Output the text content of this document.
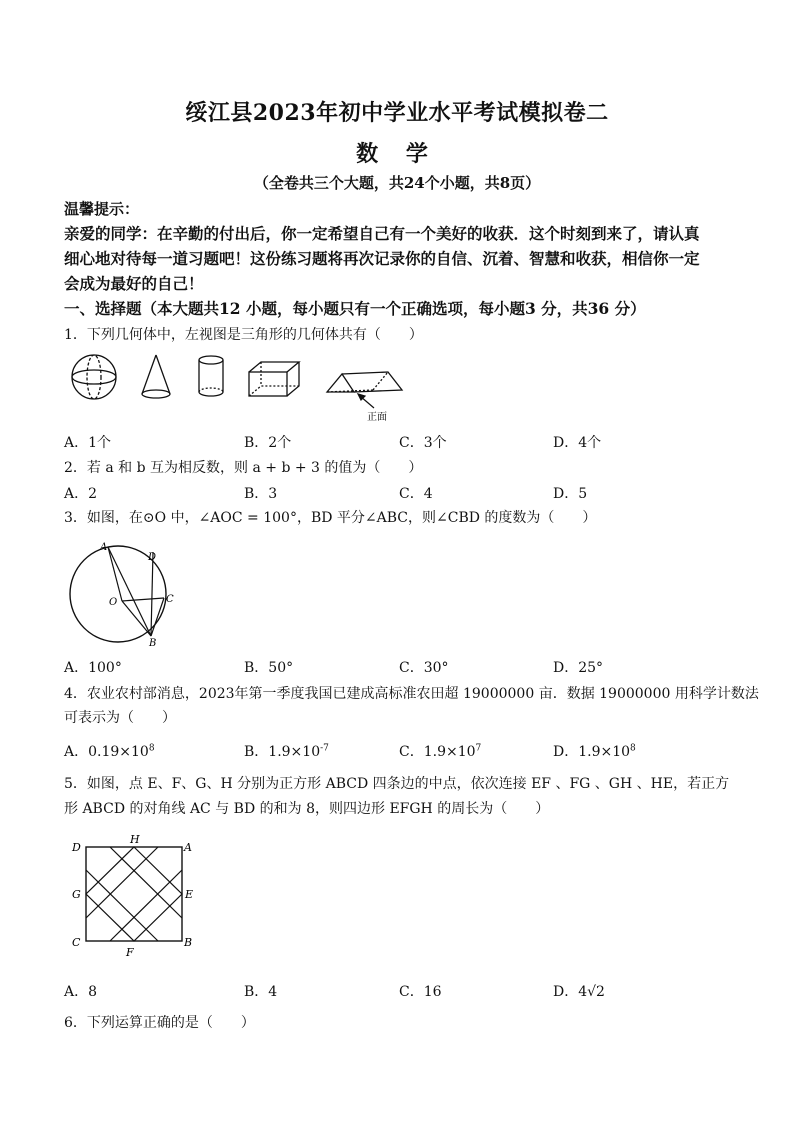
绥江县2023年初中学业水平考试模拟卷二
数 学
（全卷共三个大题，共24个小题，共8页）
温馨提示：
亲爱的同学：在辛勤的付出后，你一定希望自己有一个美好的收获．这个时刻到来了，请认真
细心地对待每一道习题吧！这份练习题将再次记录你的自信、沉着、智慧和收获，相信你一定
会成为最好的自己！
一、选择题（本大题共12 小题，每小题只有一个正确选项，每小题3 分，共36 分）
1．下列几何体中，左视图是三角形的几何体共有（　　）
正面
A．1个	B．2个	C．3个	D．4个
2．若 a 和 b 互为相反数，则 a + b + 3 的值为（　　）
A．2	B．3	C．4	D．5
3．如图，在⊙O 中，∠AOC = 100°，BD 平分∠ABC，则∠CBD 的度数为（　　）
A
D
C
B
O
A．100°	B．50°	C．30°	D．25°
4．农业农村部消息，2023年第一季度我国已建成高标准农田超 19000000 亩．数据 19000000 用科学计数法
可表示为（　　）
A．$0.19\times 10^8$	B．$1.9\times 10^{-7}$	C．$1.9\times 10^7$	D．$1.9\times 10^8$
5．如图，点 E、F、G、H 分别为正方形 ABCD 四条边的中点，依次连接 EF 、FG 、GH 、HE，若正方
形 ABCD 的对角线 AC 与 BD 的和为 8，则四边形 EFGH 的周长为（　　）
D
H
A
G	E
C
F
B
A．8	B．4	C．16	D．4√2
6．下列运算正确的是（　　）
